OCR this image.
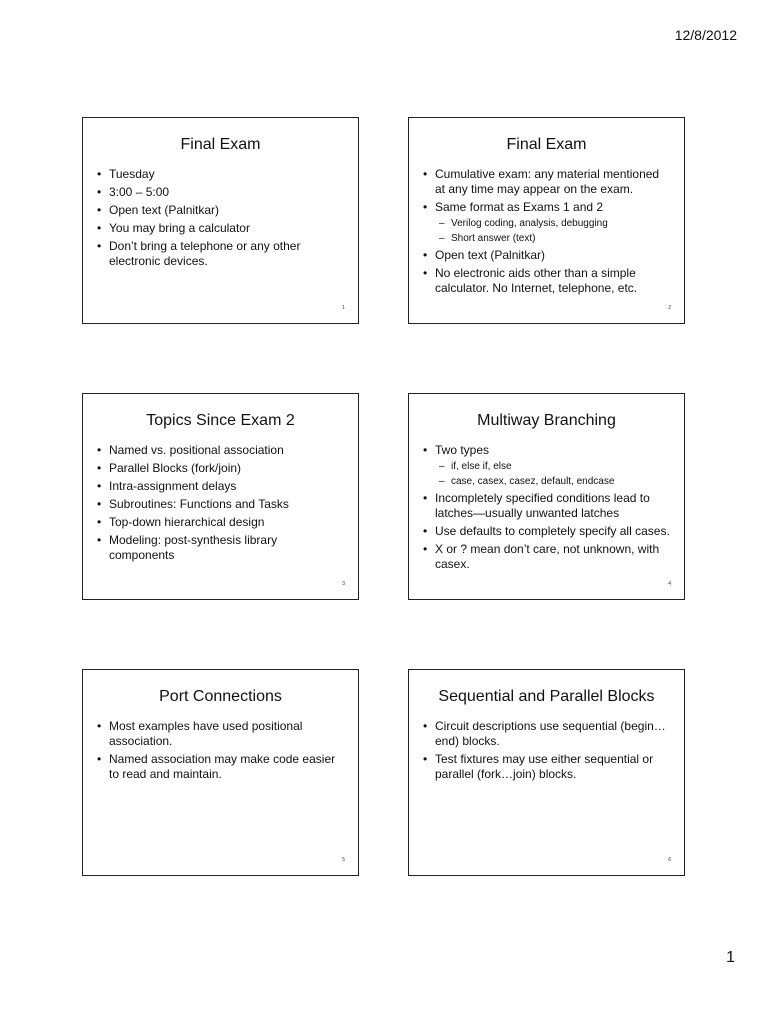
12/8/2012
Final Exam
• Tuesday
• 3:00 – 5:00
• Open text (Palnitkar)
• You may bring a calculator
• Don’t bring a telephone or any other electronic devices.
1
Final Exam
• Cumulative exam: any material mentioned at any time may appear on the exam.
• Same format as Exams 1 and 2
– Verilog coding, analysis, debugging
– Short answer (text)
• Open text (Palnitkar)
• No electronic aids other than a simple calculator. No Internet, telephone, etc.
2
Topics Since Exam 2
• Named vs. positional association
• Parallel Blocks (fork/join)
• Intra-assignment delays
• Subroutines: Functions and Tasks
• Top-down hierarchical design
• Modeling: post-synthesis library components
3
Multiway Branching
• Two types
– if, else if, else
– case, casex, casez, default, endcase
• Incompletely specified conditions lead to latches—usually unwanted latches
• Use defaults to completely specify all cases.
• X or ? mean don’t care, not unknown, with casex.
4
Port Connections
• Most examples have used positional association.
• Named association may make code easier to read and maintain.
5
Sequential and Parallel Blocks
• Circuit descriptions use sequential (begin…end) blocks.
• Test fixtures may use either sequential or parallel (fork…join) blocks.
6
1
